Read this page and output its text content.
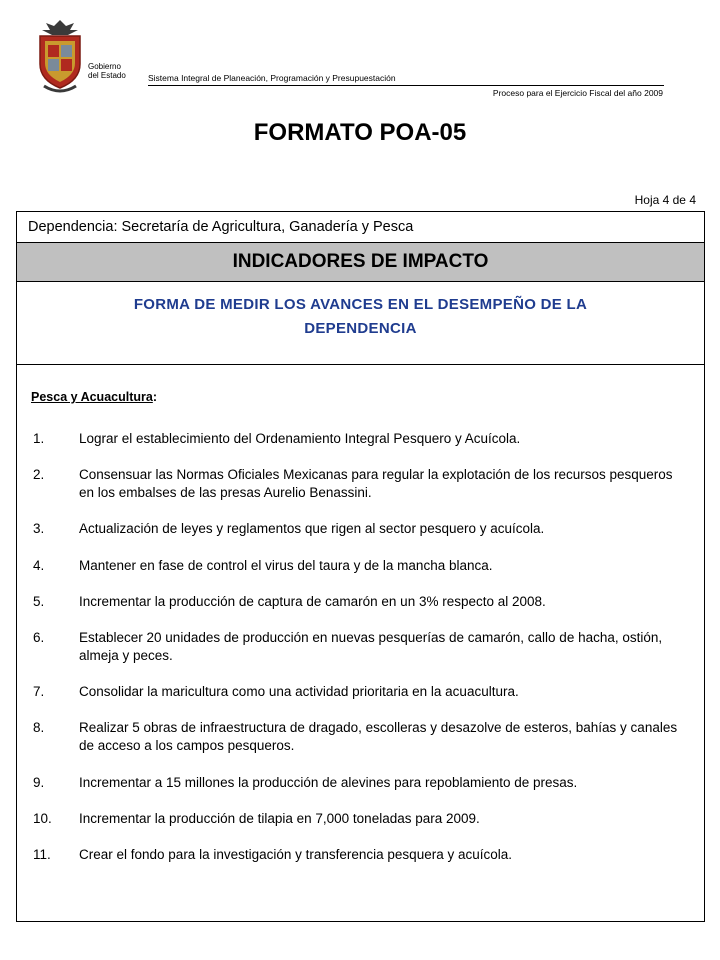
Gobierno
del Estado	Sistema Integral de Planeación, Programación y Presupuestación
Proceso para el Ejercicio Fiscal del año 2009
FORMATO POA-05
Hoja 4 de 4
Dependencia: Secretaría de Agricultura, Ganadería y Pesca
INDICADORES DE IMPACTO
FORMA DE MEDIR LOS AVANCES EN EL DESEMPEÑO DE LA
DEPENDENCIA
Pesca y Acuacultura:
1.	Lograr el establecimiento del Ordenamiento Integral Pesquero y Acuícola.
2.	Consensuar las Normas Oficiales Mexicanas para regular la explotación de los recursos pesqueros en los embalses de las presas Aurelio Benassini.
3.	Actualización de leyes y reglamentos que rigen al sector pesquero y acuícola.
4.	Mantener en fase de control el virus del taura y de la mancha blanca.
5.	Incrementar la producción de captura de camarón en un 3% respecto al 2008.
6.	Establecer 20 unidades de producción en nuevas pesquerías de camarón, callo de hacha, ostión, almeja y peces.
7.	Consolidar la maricultura como una actividad prioritaria en la acuacultura.
8.	Realizar 5 obras de infraestructura de dragado, escolleras y desazolve de esteros, bahías y canales de acceso a los campos pesqueros.
9.	Incrementar a 15 millones la producción de alevines para repoblamiento de presas.
10. Incrementar la producción de tilapia en 7,000 toneladas para 2009.
11. Crear el fondo para la investigación y transferencia pesquera y acuícola.
